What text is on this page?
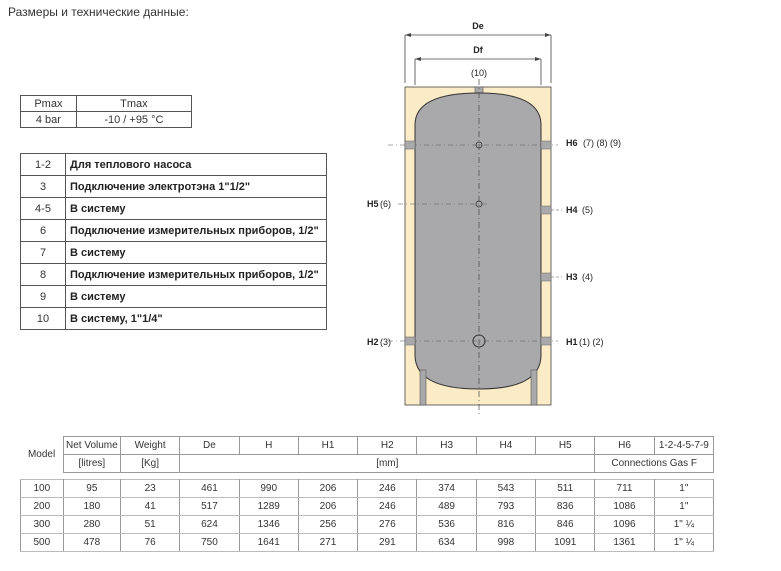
Размеры и технические данные:
Pmax	Tmax
4 bar	-10 / +95 °C
1-2	Для теплового насоса
3	Подключение электротэна 1"1/2"
4-5	В систему
6	Подключение измерительных приборов, 1/2"
7	В систему
8	Подключение измерительных приборов, 1/2"
9	В систему
10	В систему, 1"1/4"
De
Df
(10)
H6 (7) (8) (9)
H5 (6)
H4 (5)
H3 (4)
H2 (3)	H1 (1) (2)
Model	Net Volume	Weight	De	H	H1	H2	H3	H4	H5	H6	1-2-4-5-7-9
	[litres]	[Kg]	[mm]							Connections Gas F	

100	95	23	461	990	206	246	374	543	511	711	1"
200	180	41	517	1289	206	246	489	793	836	1086	1"
300	280	51	624	1346	256	276	536	816	846	1096	1" ¼
500	478	76	750	1641	271	291	634	998	1091	1361	1" ¼
